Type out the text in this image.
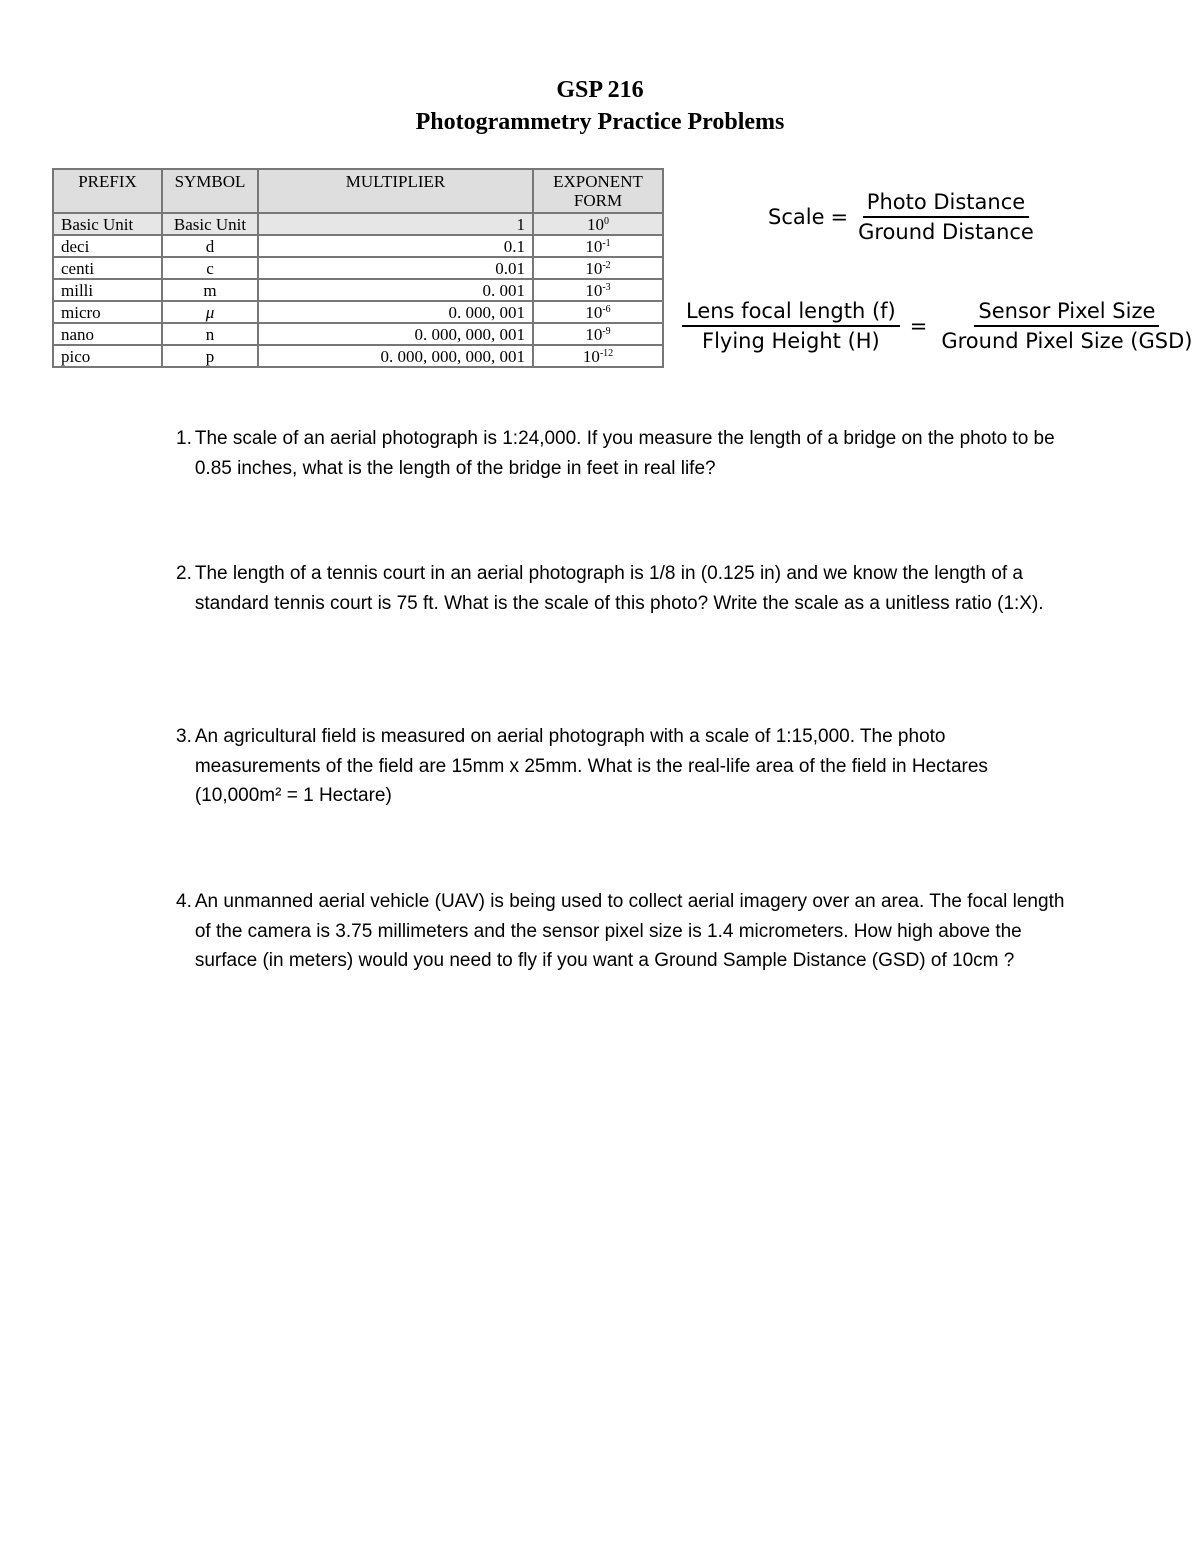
GSP 216
Photogrammetry Practice Problems
PREFIX	SYMBOL	MULTIPLIER	EXPONENT
FORM

Basic Unit	Basic Unit	1	$10^0$
deci	d	0.1	$10^{-1}$
centi	c	0.01	$10^{-2}$
milli	m	0. 001	$10^{-3}$
micro	μ	0. 000, 001	$10^{-6}$
nano	n	0. 000, 000, 001	$10^{-9}$
pico	p	0. 000, 000, 000, 001	$10^{-12}$
Scale = $\frac{\text{Photo Distance}}{\text{Ground Distance}}$
$\frac{\text{Lens focal length (f)}}{\text{Flying Height (H)}} = \frac{\text{Sensor Pixel Size}}{\text{Ground Pixel Size (GSD)}}$
1. The scale of an aerial photograph is 1:24,000. If you measure the length of a bridge on the photo to be 0.85 inches, what is the length of the bridge in feet in real life?
2. The length of a tennis court in an aerial photograph is 1/8 in (0.125 in) and we know the length of a standard tennis court is 75 ft. What is the scale of this photo? Write the scale as a unitless ratio (1:X).
3. An agricultural field is measured on aerial photograph with a scale of 1:15,000. The photo measurements of the field are 15mm x 25mm. What is the real-life area of the field in Hectares (10,000m² = 1 Hectare)
4. An unmanned aerial vehicle (UAV) is being used to collect aerial imagery over an area. The focal length of the camera is 3.75 millimeters and the sensor pixel size is 1.4 micrometers. How high above the surface (in meters) would you need to fly if you want a Ground Sample Distance (GSD) of 10cm ?
